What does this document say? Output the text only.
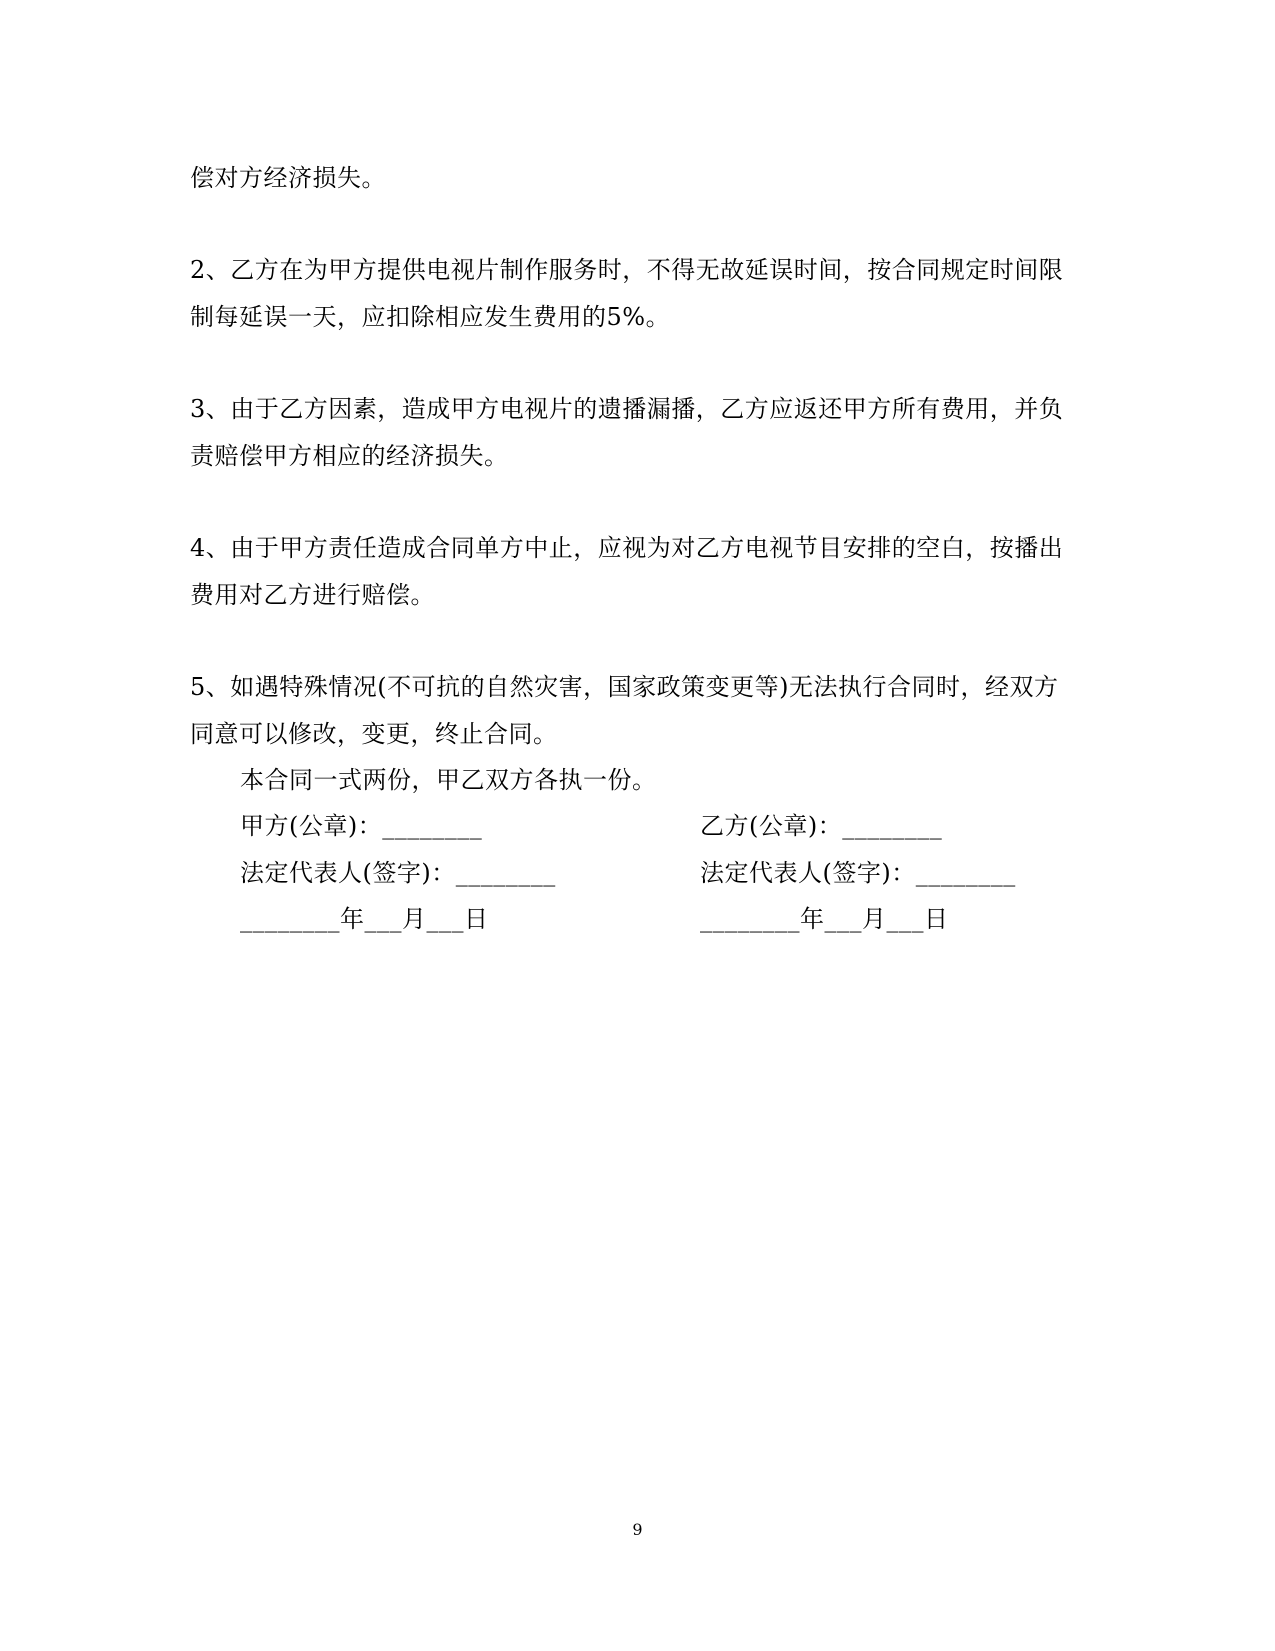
偿对方经济损失。
2、乙方在为甲方提供电视片制作服务时，不得无故延误时间，按合同规定时间限
制每延误一天，应扣除相应发生费用的5%。
3、由于乙方因素，造成甲方电视片的遗播漏播，乙方应返还甲方所有费用，并负
责赔偿甲方相应的经济损失。
4、由于甲方责任造成合同单方中止，应视为对乙方电视节目安排的空白，按播出
费用对乙方进行赔偿。
5、如遇特殊情况(不可抗的自然灾害，国家政策变更等)无法执行合同时，经双方
同意可以修改，变更，终止合同。
本合同一式两份，甲乙双方各执一份。
甲方(公章)：________	乙方(公章)：________
法定代表人(签字)：________	法定代表人(签字)：________
________年___月___日	________年___月___日
9
